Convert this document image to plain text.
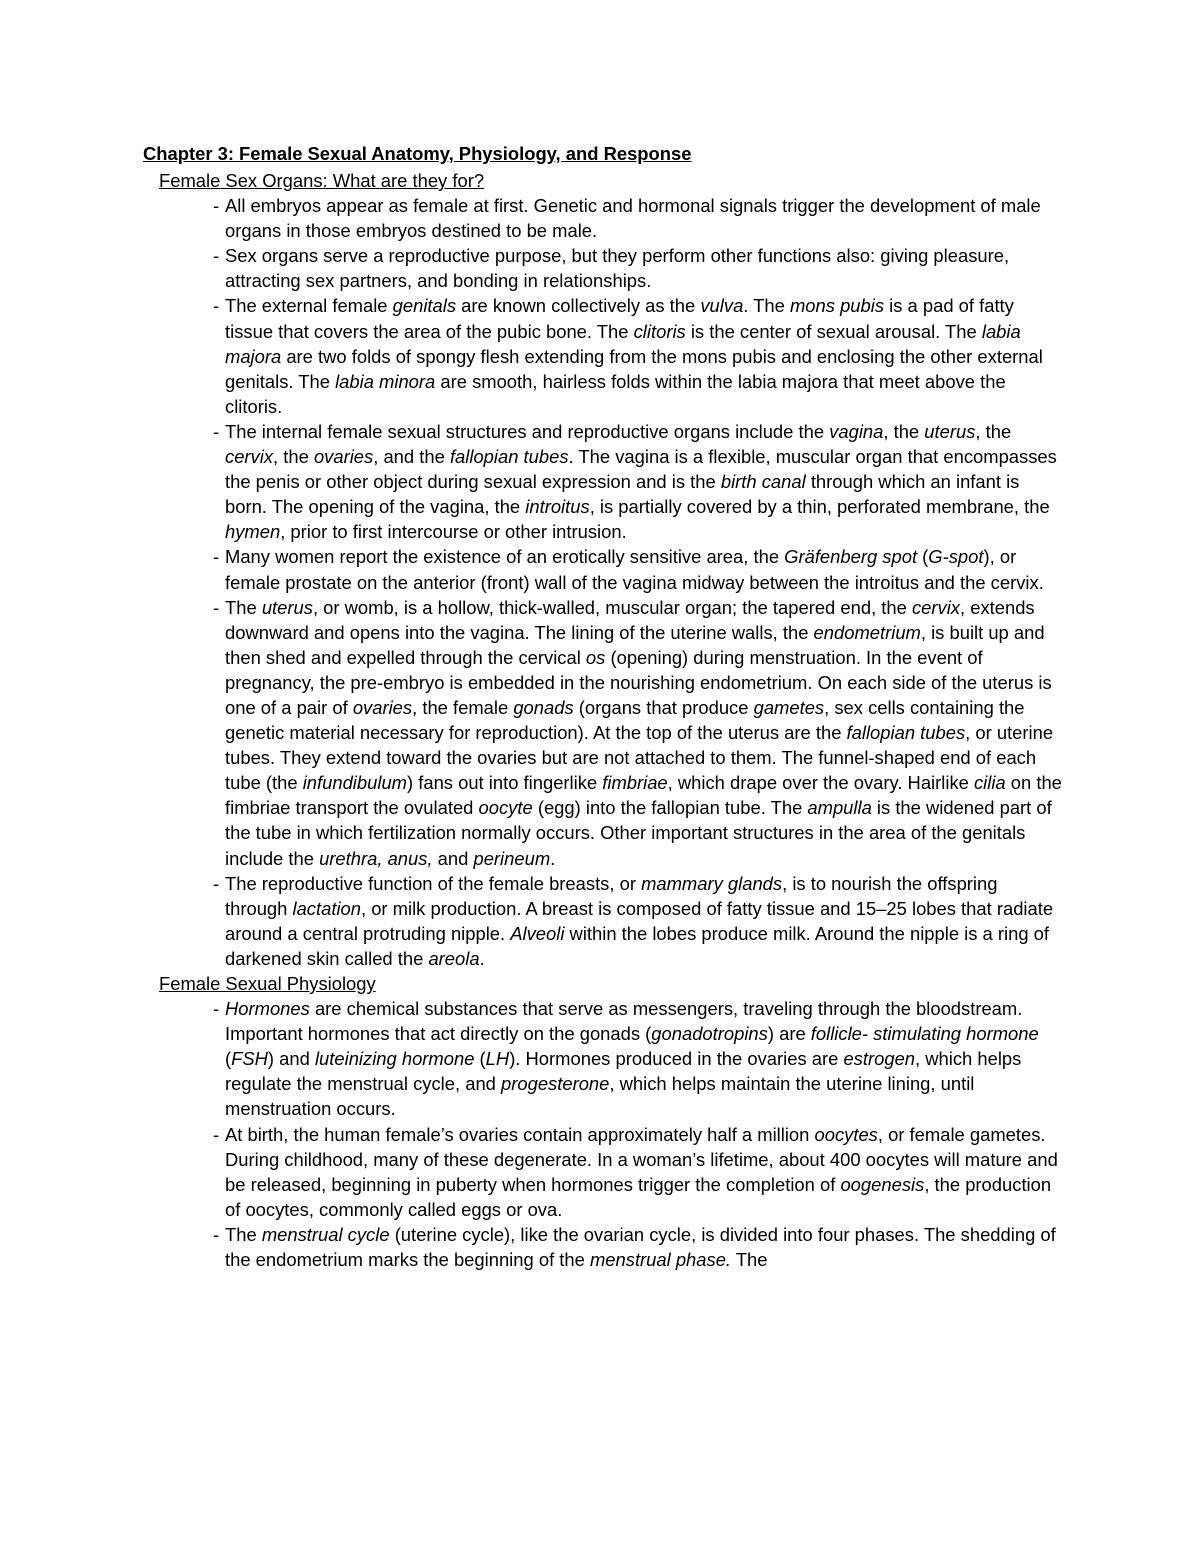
Chapter 3: Female Sexual Anatomy, Physiology, and Response
Female Sex Organs: What are they for?
- All embryos appear as female at first. Genetic and hormonal signals trigger the development of male organs in those embryos destined to be male.
- Sex organs serve a reproductive purpose, but they perform other functions also: giving pleasure, attracting sex partners, and bonding in relationships.
- The external female genitals are known collectively as the vulva. The mons pubis is a pad of fatty tissue that covers the area of the pubic bone. The clitoris is the center of sexual arousal. The labia majora are two folds of spongy flesh extending from the mons pubis and enclosing the other external genitals. The labia minora are smooth, hairless folds within the labia majora that meet above the clitoris.
- The internal female sexual structures and reproductive organs include the vagina, the uterus, the cervix, the ovaries, and the fallopian tubes. The vagina is a flexible, muscular organ that encompasses the penis or other object during sexual expression and is the birth canal through which an infant is born. The opening of the vagina, the introitus, is partially covered by a thin, perforated membrane, the hymen, prior to first intercourse or other intrusion.
- Many women report the existence of an erotically sensitive area, the Gräfenberg spot (G-spot), or female prostate on the anterior (front) wall of the vagina midway between the introitus and the cervix.
- The uterus, or womb, is a hollow, thick-walled, muscular organ; the tapered end, the cervix, extends downward and opens into the vagina. The lining of the uterine walls, the endometrium, is built up and then shed and expelled through the cervical os (opening) during menstruation. In the event of pregnancy, the pre-embryo is embedded in the nourishing endometrium. On each side of the uterus is one of a pair of ovaries, the female gonads (organs that produce gametes, sex cells containing the genetic material necessary for reproduction). At the top of the uterus are the fallopian tubes, or uterine tubes. They extend toward the ovaries but are not attached to them. The funnel-shaped end of each tube (the infundibulum) fans out into fingerlike fimbriae, which drape over the ovary. Hairlike cilia on the fimbriae transport the ovulated oocyte (egg) into the fallopian tube. The ampulla is the widened part of the tube in which fertilization normally occurs. Other important structures in the area of the genitals include the urethra, anus, and perineum.
- The reproductive function of the female breasts, or mammary glands, is to nourish the offspring through lactation, or milk production. A breast is composed of fatty tissue and 15–25 lobes that radiate around a central protruding nipple. Alveoli within the lobes produce milk. Around the nipple is a ring of darkened skin called the areola.
Female Sexual Physiology
- Hormones are chemical substances that serve as messengers, traveling through the bloodstream. Important hormones that act directly on the gonads (gonadotropins) are follicle- stimulating hormone (FSH) and luteinizing hormone (LH). Hormones produced in the ovaries are estrogen, which helps regulate the menstrual cycle, and progesterone, which helps maintain the uterine lining, until menstruation occurs.
- At birth, the human female’s ovaries contain approximately half a million oocytes, or female gametes. During childhood, many of these degenerate. In a woman’s lifetime, about 400 oocytes will mature and be released, beginning in puberty when hormones trigger the completion of oogenesis, the production of oocytes, commonly called eggs or ova.
- The menstrual cycle (uterine cycle), like the ovarian cycle, is divided into four phases. The shedding of the endometrium marks the beginning of the menstrual phase. The
